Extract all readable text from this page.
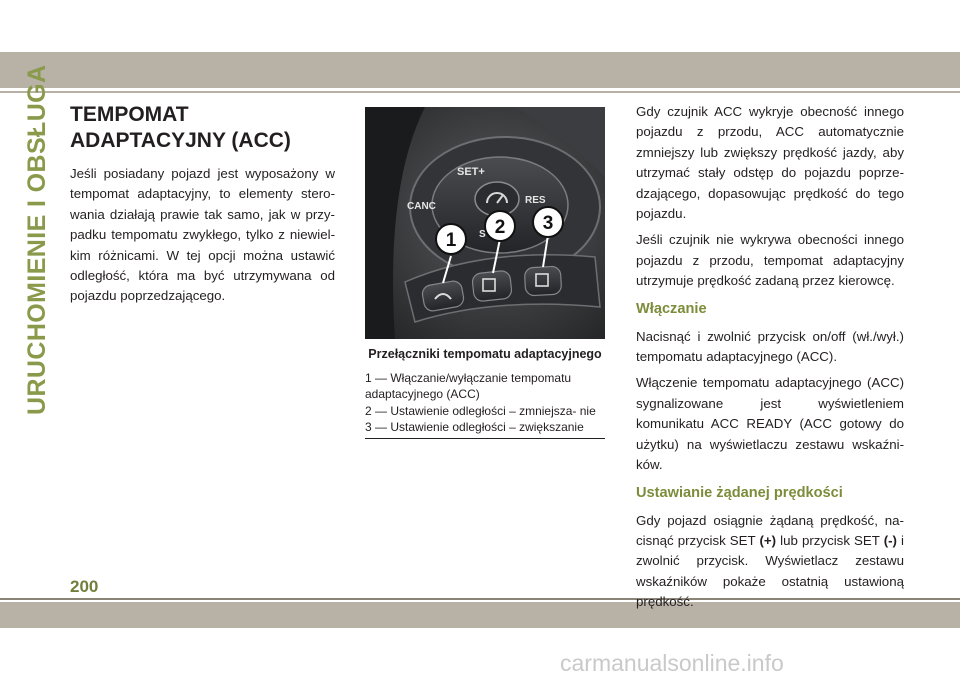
URUCHOMIENIE I OBSŁUGA TEMPOMAT ADAPTACYJNY (ACC)

Jeśli posiadany pojazd jest wyposażony w tempomat adaptacyjny, to elementy stero- wania działają prawie tak samo, jak w przy- padku tempomatu zwykłego, tylko z niewiel- kim różnicami. W tej opcji można ustawić odległość, która ma być utrzymywana od pojazdu poprzedzającego.

SET+
CANC
RES
S
1
2 3
Przełączniki tempomatu adaptacyjnego
1 — Włączanie/wyłączanie tempomatu adaptacyjnego (ACC)
2 — Ustawienie odległości – zmniejsza- nie
3 — Ustawienie odległości – zwiększanie

Gdy czujnik ACC wykryje obecność innego pojazdu z przodu, ACC automatycznie zmniejszy lub zwiększy prędkość jazdy, aby utrzymać stały odstęp do pojazdu poprze- dzającego, dopasowując prędkość do tego pojazdu.

Jeśli czujnik nie wykrywa obecności innego pojazdu z przodu, tempomat adaptacyjny utrzymuje prędkość zadaną przez kierowcę.

Włączanie

Nacisnąć i zwolnić przycisk on/off (wł./wył.) tempomatu adaptacyjnego (ACC).

Włączenie tempomatu adaptacyjnego (ACC) sygnalizowane jest wyświetleniem komunikatu ACC READY (ACC gotowy do użytku) na wyświetlaczu zestawu wskaźni- ków.

Ustawianie żądanej prędkości

Gdy pojazd osiągnie żądaną prędkość, na- cisnąć przycisk SET (+) lub przycisk SET (-) i zwolnić przycisk. Wyświetlacz zestawu wskaźników pokaże ostatnią ustawioną prędkość.

200
carmanualsonline.info
